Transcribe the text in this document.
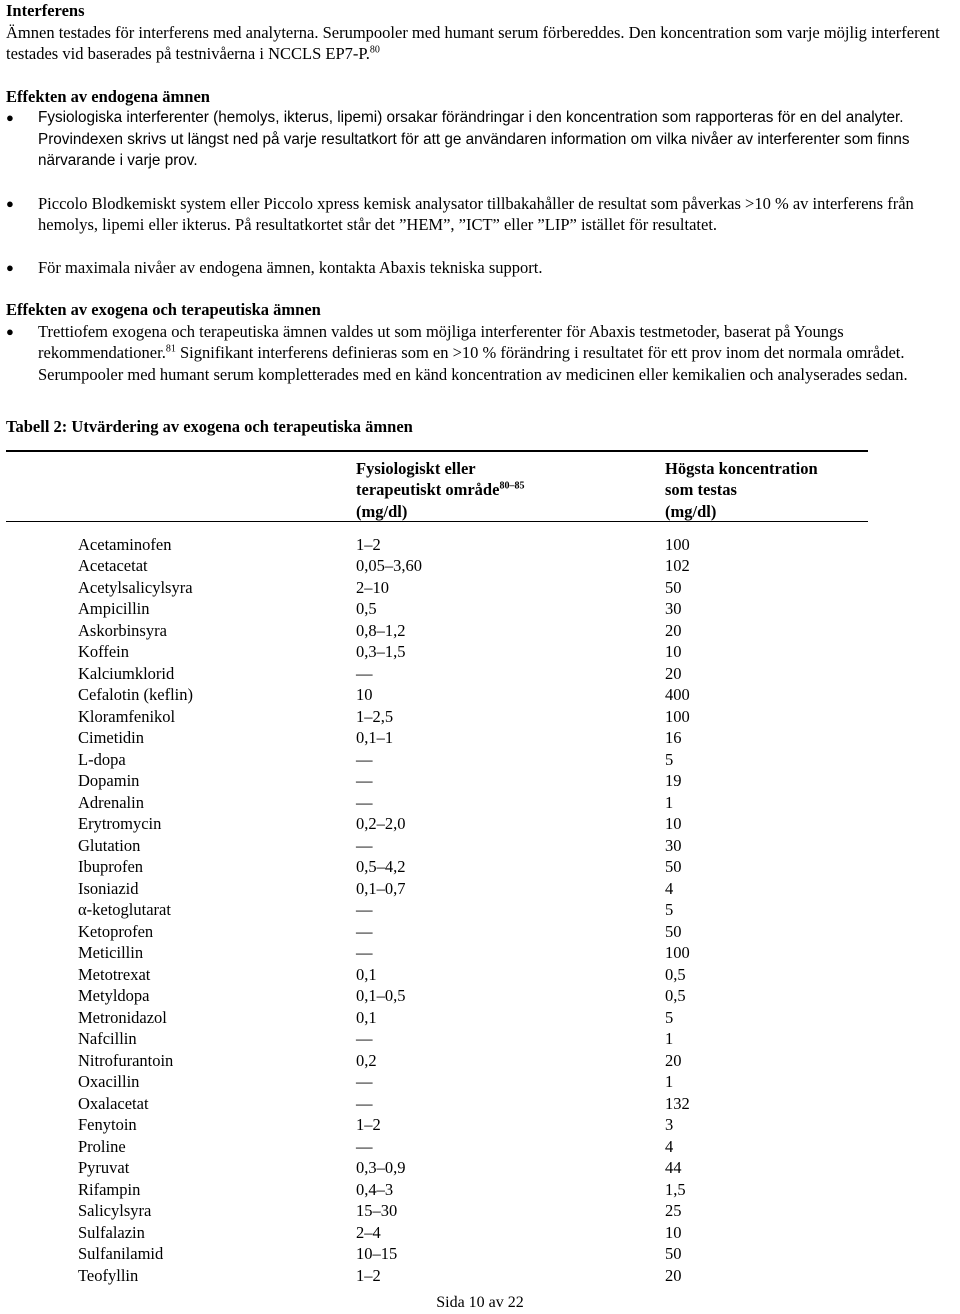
Interferens

Ämnen testades för interferens med analyterna. Serumpooler med humant serum förbereddes. Den koncentration som varje möjlig interferent testades vid baserades på testnivåerna i NCCLS EP7-P.$^{80}$

Effekten av endogena ämnen
●	Fysiologiska interferenter (hemolys, ikterus, lipemi) orsakar förändringar i den koncentration som rapporteras för en del analyter. Provindexen skrivs ut längst ned på varje resultatkort för att ge användaren information om vilka nivåer av interferenter som finns närvarande i varje prov.
●	Piccolo Blodkemiskt system eller Piccolo xpress kemisk analysator tillbakahåller de resultat som påverkas >10 % av interferens från hemolys, lipemi eller ikterus. På resultatkortet står det ”HEM”, ”ICT” eller ”LIP” istället för resultatet.
●	För maximala nivåer av endogena ämnen, kontakta Abaxis tekniska support.
Effekten av exogena och terapeutiska ämnen
●	Trettiofem exogena och terapeutiska ämnen valdes ut som möjliga interferenter för Abaxis testmetoder, baserat på Youngs rekommendationer.$^{81}$ Signifikant interferens definieras som en >10 % förändring i resultatet för ett prov inom det normala området. Serumpooler med humant serum kompletterades med en känd koncentration av medicinen eller kemikalien och analyserades sedan.

Tabell 2: Utvärdering av exogena och terapeutiska ämnen

Fysiologiskt eller
terapeutiskt område$^{80-85}$
(mg/dl)
Högsta koncentration
som testas
(mg/dl)
Acetaminofen	1–2	100
Acetacetat	0,05–3,60	102
Acetylsalicylsyra	2–10	50
Ampicillin	0,5	30
Askorbinsyra	0,8–1,2	20
Koffein	0,3–1,5	10
Kalciumklorid	—	20
Cefalotin (keflin)	10	400
Kloramfenikol	1–2,5	100
Cimetidin	0,1–1	16
L-dopa	—	5
Dopamin	—	19
Adrenalin	—	1
Erytromycin	0,2–2,0	10
Glutation	—	30
Ibuprofen	0,5–4,2	50
Isoniazid	0,1–0,7	4
α-ketoglutarat	—	5
Ketoprofen	—	50
Meticillin	—	100
Metotrexat	0,1	0,5
Metyldopa	0,1–0,5	0,5
Metronidazol	0,1	5
Nafcillin	—	1
Nitrofurantoin	0,2	20
Oxacillin	—	1
Oxalacetat	—	132
Fenytoin	1–2	3
Proline	—	4
Pyruvat	0,3–0,9	44
Rifampin	0,4–3	1,5
Salicylsyra	15–30	25
Sulfalazin	2–4	10
Sulfanilamid	10–15	50
Teofyllin	1–2	20
Sida 10 av 22
